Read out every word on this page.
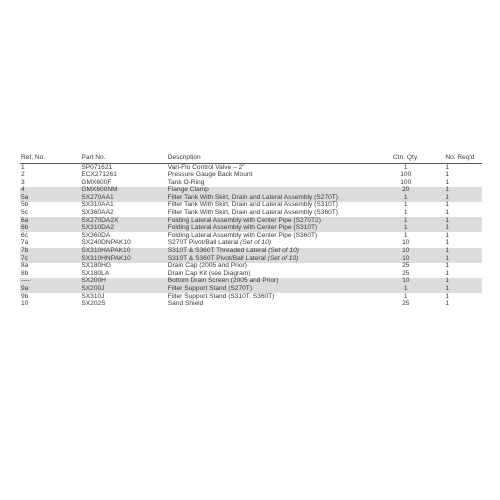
Ref. No.	Part No.	Description	Ctn. Qty.	No. Req'd
1	SP071621	Vari-Flo Control Valve – 2"	1	1
2	ECX271261	Pressure Gauge Back Mount	100	1
3	GMX600F	Tank O-Ring	100	1
4	GMX600NM	Flange Clamp	20	1
5a	SX270AA1	Filter Tank With Skirt, Drain and Lateral Assembly (S270T)	1	1
5b	SX310AA1	Filter Tank With Skirt, Drain and Lateral Assembly (S310T)	1	1
5c	SX360AA2	Filter Tank With Skirt, Drain and Lateral Assembly (S360T)	1	1
6a	SX270DA2X	Folding Lateral Assembly with Center Pipe (S270T2)	1	1
6b	SX310DA2	Folding Lateral Assembly with Center Pipe (S310T)	1	1
6c	SX360DA	Folding Lateral Assembly with Center Pipe (S360T)	1	1
7a	SX240DNPAK10	S270T Pivot/Ball Lateral (Set of 10)	10	1
7b	SX310HAPAK10	S310T & S360T Threaded Lateral (Set of 10)	10	1
7c	SX310HNPAK10	S310T & S360T Pivot/Ball Lateral (Set of 10)	10	1
8a	SX180HG	Drain Cap (2005 and Prior)	25	1
8b	SX180LA	Drain Cap Kit (see Diagram)	25	1
----	SX200H	Bottom Drain Screen (2005 and Prior)	10	1
9a	SX200J	Filter Support Stand (S270T)	1	1
9b	SX310J	Filter Support Stand (S310T, S360T)	1	1
10	SX202S	Sand Shield	25	1
